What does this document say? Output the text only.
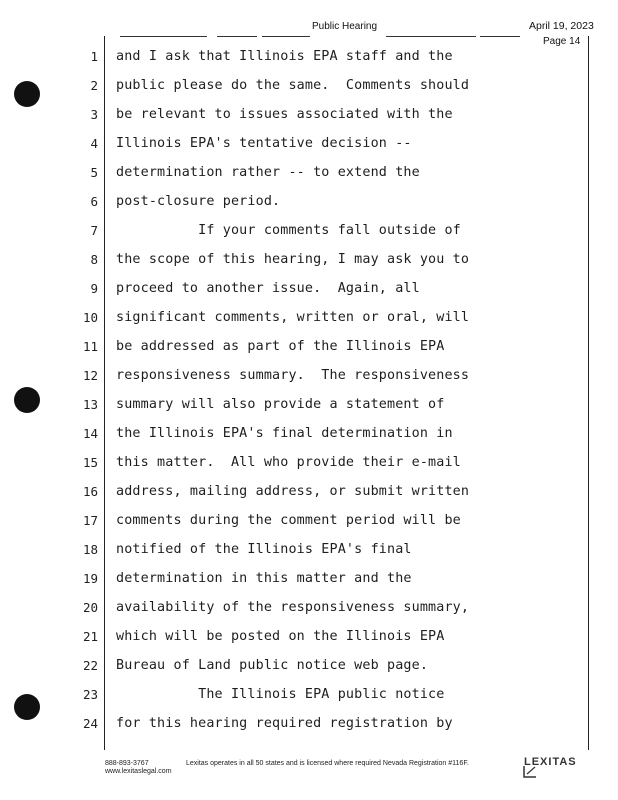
Public Hearing	April 19, 2023
Page 14
1
2
3
4
5
6
7
8
9
10
11
12
13
14
15
16
17
18
19
20
21
22
23
24
and I ask that Illinois EPA staff and the
public please do the same.  Comments should
be relevant to issues associated with the
Illinois EPA's tentative decision --
determination rather -- to extend the
post-closure period.
If your comments fall outside of
the scope of this hearing, I may ask you to
proceed to another issue.  Again, all
significant comments, written or oral, will
be addressed as part of the Illinois EPA
responsiveness summary.  The responsiveness
summary will also provide a statement of
the Illinois EPA's final determination in
this matter.  All who provide their e-mail
address, mailing address, or submit written
comments during the comment period will be
notified of the Illinois EPA's final
determination in this matter and the
availability of the responsiveness summary,
which will be posted on the Illinois EPA
Bureau of Land public notice web page.
The Illinois EPA public notice
for this hearing required registration by
888-893-3767
www.lexitaslegal.com
Lexitas operates in all 50 states and is licensed where required Nevada Registration #116F.	LEXITAS
